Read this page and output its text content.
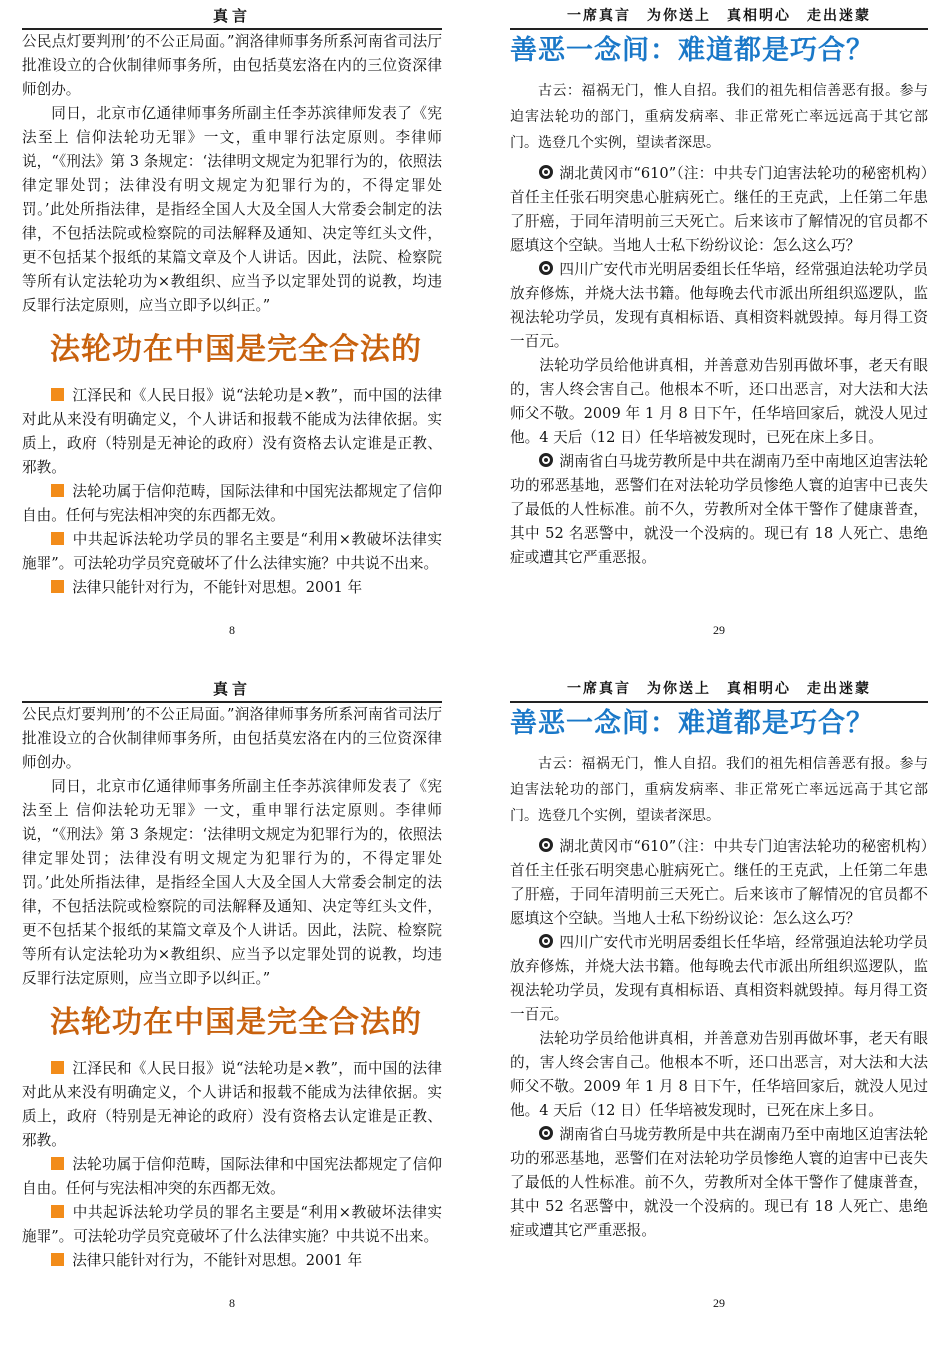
真言

公民点灯要判刑’的不公正局面。”润洛律师事务所系河南省司法厅批准设立的合伙制律师事务所，由包括莫宏洛在内的三位资深律师创办。

同日，北京市亿通律师事务所副主任李苏滨律师发表了《宪法至上 信仰法轮功无罪》一文，重申罪行法定原则。李律师说，“《刑法》第 3 条规定：‘法律明文规定为犯罪行为的，依照法律定罪处罚；法律没有明文规定为犯罪行为的，不得定罪处罚。’此处所指法律，是指经全国人大及全国人大常委会制定的法律，不包括法院或检察院的司法解释及通知、决定等红头文件，更不包括某个报纸的某篇文章及个人讲话。因此，法院、检察院等所有认定法轮功为×教组织、应当予以定罪处罚的说教，均违反罪行法定原则，应当立即予以纠正。”

法轮功在中国是完全合法的

江泽民和《人民日报》说“法轮功是×教”，而中国的法律对此从来没有明确定义，个人讲话和报载不能成为法律依据。实质上，政府（特别是无神论的政府）没有资格去认定谁是正教、邪教。

法轮功属于信仰范畴，国际法律和中国宪法都规定了信仰自由。任何与宪法相冲突的东西都无效。

中共起诉法轮功学员的罪名主要是“利用×教破坏法律实施罪”。可法轮功学员究竟破坏了什么法律实施？中共说不出来。

法律只能针对行为，不能针对思想。2001 年

8
一席真言　为你送上　真相明心　走出迷蒙
善恶一念间：难道都是巧合？

古云：福祸无门，惟人自招。我们的祖先相信善恶有报。参与迫害法轮功的部门，重病发病率、非正常死亡率远远高于其它部门。选登几个实例，望读者深思。

湖北黄冈市“610”（注：中共专门迫害法轮功的秘密机构）首任主任张石明突患心脏病死亡。继任的王克武，上任第二年患了肝癌，于同年清明前三天死亡。后来该市了解情况的官员都不愿填这个空缺。当地人士私下纷纷议论：怎么这么巧？

四川广安代市光明居委组长任华培，经常强迫法轮功学员放弃修炼，并烧大法书籍。他每晚去代市派出所组织巡逻队，监视法轮功学员，发现有真相标语、真相资料就毁掉。每月得工资一百元。

法轮功学员给他讲真相，并善意劝告别再做坏事，老天有眼的，害人终会害自己。他根本不听，还口出恶言，对大法和大法师父不敬。2009 年 1 月 8 日下午，任华培回家后，就没人见过他。4 天后（12 日）任华培被发现时，已死在床上多日。

湖南省白马垅劳教所是中共在湖南乃至中南地区迫害法轮功的邪恶基地，恶警们在对法轮功学员惨绝人寰的迫害中已丧失了最低的人性标准。前不久，劳教所对全体干警作了健康普查，其中 52 名恶警中，就没一个没病的。现已有 18 人死亡、患绝症或遭其它严重恶报。

29
真言

公民点灯要判刑’的不公正局面。”润洛律师事务所系河南省司法厅批准设立的合伙制律师事务所，由包括莫宏洛在内的三位资深律师创办。

同日，北京市亿通律师事务所副主任李苏滨律师发表了《宪法至上 信仰法轮功无罪》一文，重申罪行法定原则。李律师说，“《刑法》第 3 条规定：‘法律明文规定为犯罪行为的，依照法律定罪处罚；法律没有明文规定为犯罪行为的，不得定罪处罚。’此处所指法律，是指经全国人大及全国人大常委会制定的法律，不包括法院或检察院的司法解释及通知、决定等红头文件，更不包括某个报纸的某篇文章及个人讲话。因此，法院、检察院等所有认定法轮功为×教组织、应当予以定罪处罚的说教，均违反罪行法定原则，应当立即予以纠正。”

法轮功在中国是完全合法的

江泽民和《人民日报》说“法轮功是×教”，而中国的法律对此从来没有明确定义，个人讲话和报载不能成为法律依据。实质上，政府（特别是无神论的政府）没有资格去认定谁是正教、邪教。

法轮功属于信仰范畴，国际法律和中国宪法都规定了信仰自由。任何与宪法相冲突的东西都无效。

中共起诉法轮功学员的罪名主要是“利用×教破坏法律实施罪”。可法轮功学员究竟破坏了什么法律实施？中共说不出来。

法律只能针对行为，不能针对思想。2001 年

8
一席真言　为你送上　真相明心　走出迷蒙
善恶一念间：难道都是巧合？

古云：福祸无门，惟人自招。我们的祖先相信善恶有报。参与迫害法轮功的部门，重病发病率、非正常死亡率远远高于其它部门。选登几个实例，望读者深思。

湖北黄冈市“610”（注：中共专门迫害法轮功的秘密机构）首任主任张石明突患心脏病死亡。继任的王克武，上任第二年患了肝癌，于同年清明前三天死亡。后来该市了解情况的官员都不愿填这个空缺。当地人士私下纷纷议论：怎么这么巧？

四川广安代市光明居委组长任华培，经常强迫法轮功学员放弃修炼，并烧大法书籍。他每晚去代市派出所组织巡逻队，监视法轮功学员，发现有真相标语、真相资料就毁掉。每月得工资一百元。

法轮功学员给他讲真相，并善意劝告别再做坏事，老天有眼的，害人终会害自己。他根本不听，还口出恶言，对大法和大法师父不敬。2009 年 1 月 8 日下午，任华培回家后，就没人见过他。4 天后（12 日）任华培被发现时，已死在床上多日。

湖南省白马垅劳教所是中共在湖南乃至中南地区迫害法轮功的邪恶基地，恶警们在对法轮功学员惨绝人寰的迫害中已丧失了最低的人性标准。前不久，劳教所对全体干警作了健康普查，其中 52 名恶警中，就没一个没病的。现已有 18 人死亡、患绝症或遭其它严重恶报。

29
